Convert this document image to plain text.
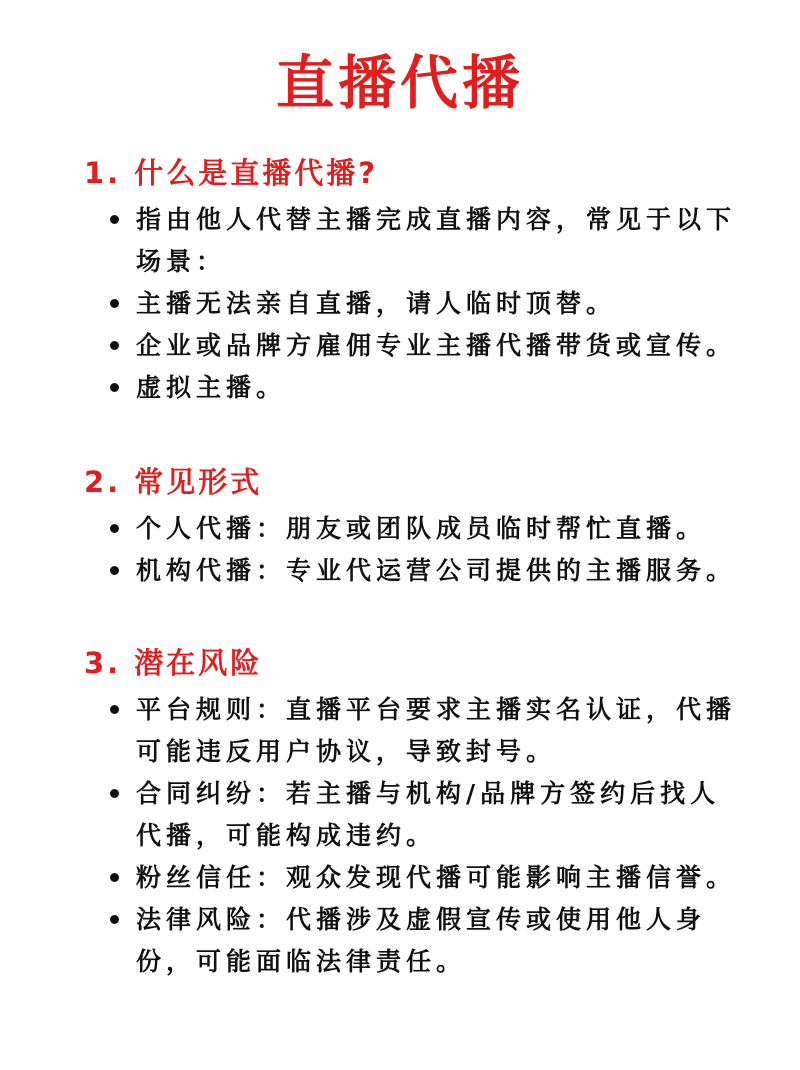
直播代播
1. 什么是直播代播?
指由他人代替主播完成直播内容，常见于以下场景：
主播无法亲自直播，请人临时顶替。
企业或品牌方雇佣专业主播代播带货或宣传。
虚拟主播。
2. 常见形式
个人代播：朋友或团队成员临时帮忙直播。
机构代播：专业代运营公司提供的主播服务。
3. 潜在风险
平台规则：直播平台要求主播实名认证，代播可能违反用户协议，导致封号。
合同纠纷：若主播与机构/品牌方签约后找人代播，可能构成违约。
粉丝信任：观众发现代播可能影响主播信誉。
法律风险：代播涉及虚假宣传或使用他人身份，可能面临法律责任。
